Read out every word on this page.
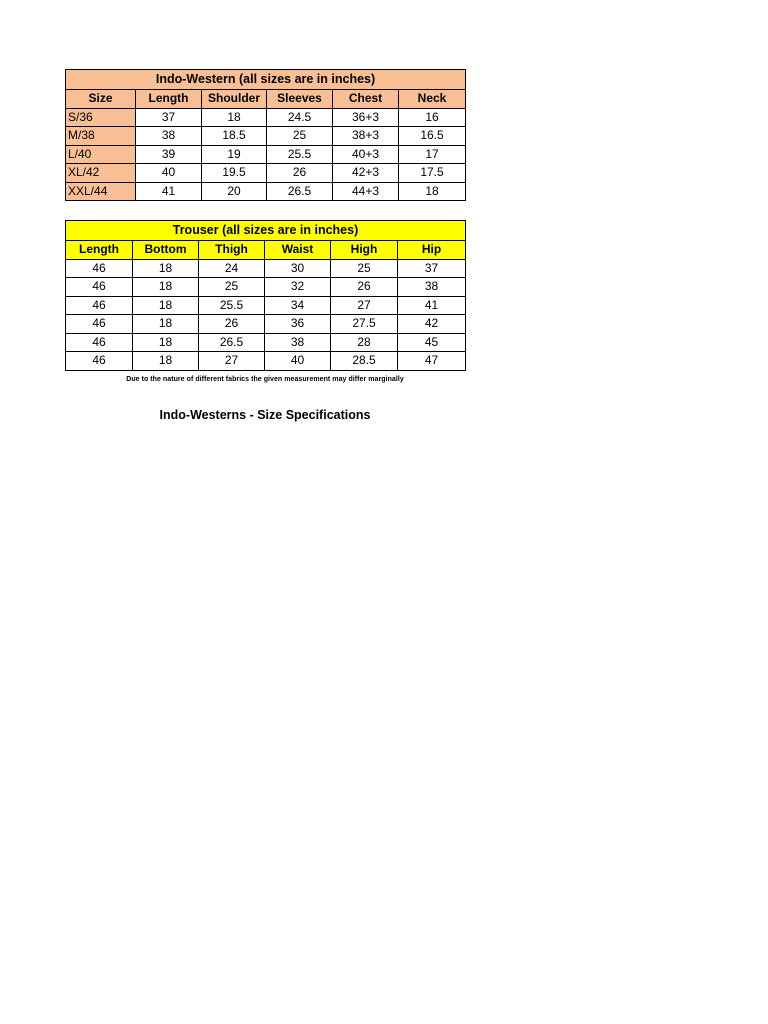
Indo-Western (all sizes are in inches)					
Size	Length	Shoulder	Sleeves	Chest	Neck
S/36	37	18	24.5	36+3	16
M/38	38	18.5	25	38+3	16.5
L/40	39	19	25.5	40+3	17
XL/42	40	19.5	26	42+3	17.5
XXL/44	41	20	26.5	44+3	18
Trouser (all sizes are in inches)					
Length	Bottom	Thigh	Waist	High	Hip
46	18	24	30	25	37
46	18	25	32	26	38
46	18	25.5	34	27	41
46	18	26	36	27.5	42
46	18	26.5	38	28	45
46	18	27	40	28.5	47
Due to the nature of different fabrics the given measurement may differ marginally
Indo-Westerns - Size Specifications
